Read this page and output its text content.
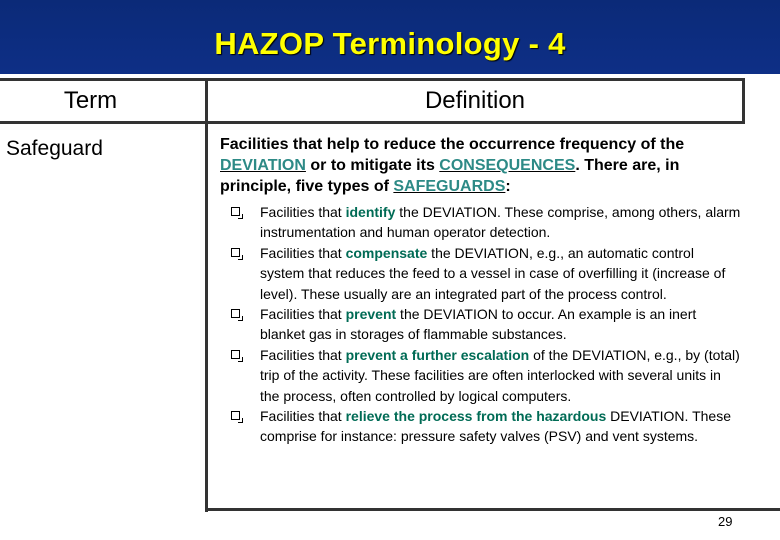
HAZOP Terminology - 4
Term	Definition
Safeguard	Facilities that help to reduce the occurrence frequency of the DEVIATION or to mitigate its CONSEQUENCES. There are, in principle, five types of SAFEGUARDS:
Facilities that identify the DEVIATION. These comprise, among others, alarm instrumentation and human operator detection.
Facilities that compensate the DEVIATION, e.g., an automatic control system that reduces the feed to a vessel in case of overfilling it (increase of level). These usually are an integrated part of the process control.
Facilities that prevent the DEVIATION to occur. An example is an inert blanket gas in storages of flammable substances.
Facilities that prevent a further escalation of the DEVIATION, e.g., by (total) trip of the activity. These facilities are often interlocked with several units in the process, often controlled by logical computers.
Facilities that relieve the process from the hazardous DEVIATION. These comprise for instance: pressure safety valves (PSV) and vent systems.
29
